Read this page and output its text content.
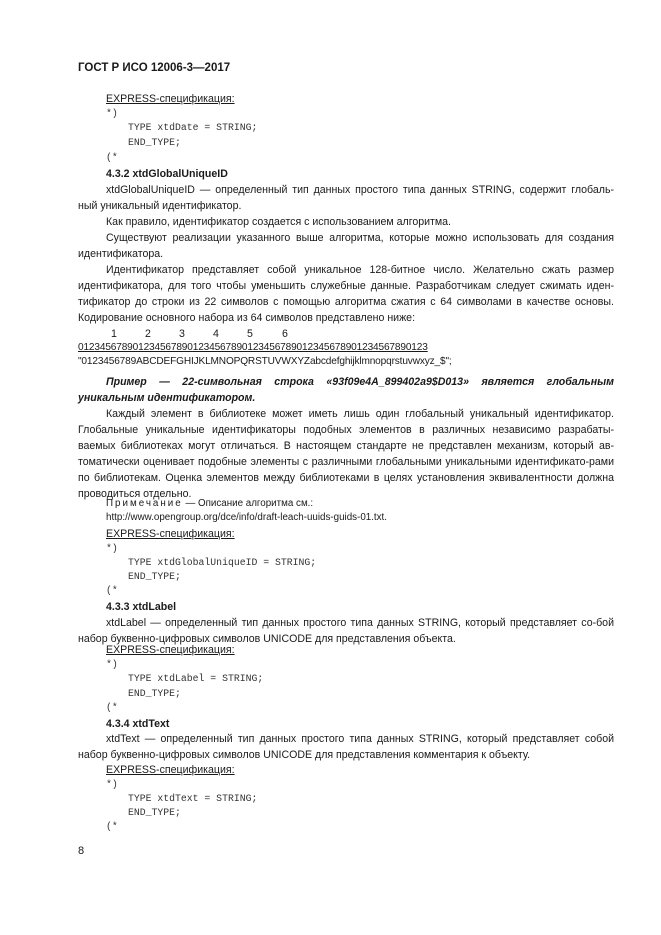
ГОСТ Р ИСО 12006-3—2017
EXPRESS-спецификация:
*)
TYPE xtdDate = STRING;
END_TYPE;
(*
4.3.2 xtdGlobalUniqueID

xtdGlobalUniqueID — определенный тип данных простого типа данных STRING, содержит глобаль-ный уникальный идентификатор.

Как правило, идентификатор создается с использованием алгоритма.

Существуют реализации указанного выше алгоритма, которые можно использовать для создания идентификатора.

Идентификатор представляет собой уникальное 128-битное число. Желательно сжать размер идентификатора, для того чтобы уменьшить служебные данные. Разработчикам следует сжимать иден-тификатор до строки из 22 символов с помощью алгоритма сжатия с 64 символами в качестве основы. Кодирование основного набора из 64 символов представлено ниже:

1	2	3	4	5	6
0123456789012345678901234567890123456789012345678901234567890123
"0123456789ABCDEFGHIJKLMNOPQRSTUVWXYZabcdefghijklmnopqrstuvwxyz_$";
Пример — 22-символьная строка «93f09e4A_899402a9$D013» является глобальным уникальным идентификатором.

Каждый элемент в библиотеке может иметь лишь один глобальный уникальный идентификатор. Глобальные уникальные идентификаторы подобных элементов в различных независимо разрабаты-ваемых библиотеках могут отличаться. В настоящем стандарте не представлен механизм, который ав-томатически оценивает подобные элементы с различными глобальными уникальными идентификато-рами по библиотекам. Оценка элементов между библиотеками в целях установления эквивалентности должна проводиться отдельно.

Примечание — Описание алгоритма см.:
http://www.opengroup.org/dce/info/draft-leach-uuids-guids-01.txt.
EXPRESS-спецификация:
*)
TYPE xtdGlobalUniqueID = STRING;
END_TYPE;
(*
4.3.3 xtdLabel

xtdLabel — определенный тип данных простого типа данных STRING, который представляет со-бой набор буквенно-цифровых символов UNICODE для представления объекта.

EXPRESS-спецификация:
*)
TYPE xtdLabel = STRING;
END_TYPE;
(*
4.3.4 xtdText

xtdText — определенный тип данных простого типа данных STRING, который представляет собой набор буквенно-цифровых символов UNICODE для представления комментария к объекту.

EXPRESS-спецификация:
*)
TYPE xtdText = STRING;
END_TYPE;
(*
8
